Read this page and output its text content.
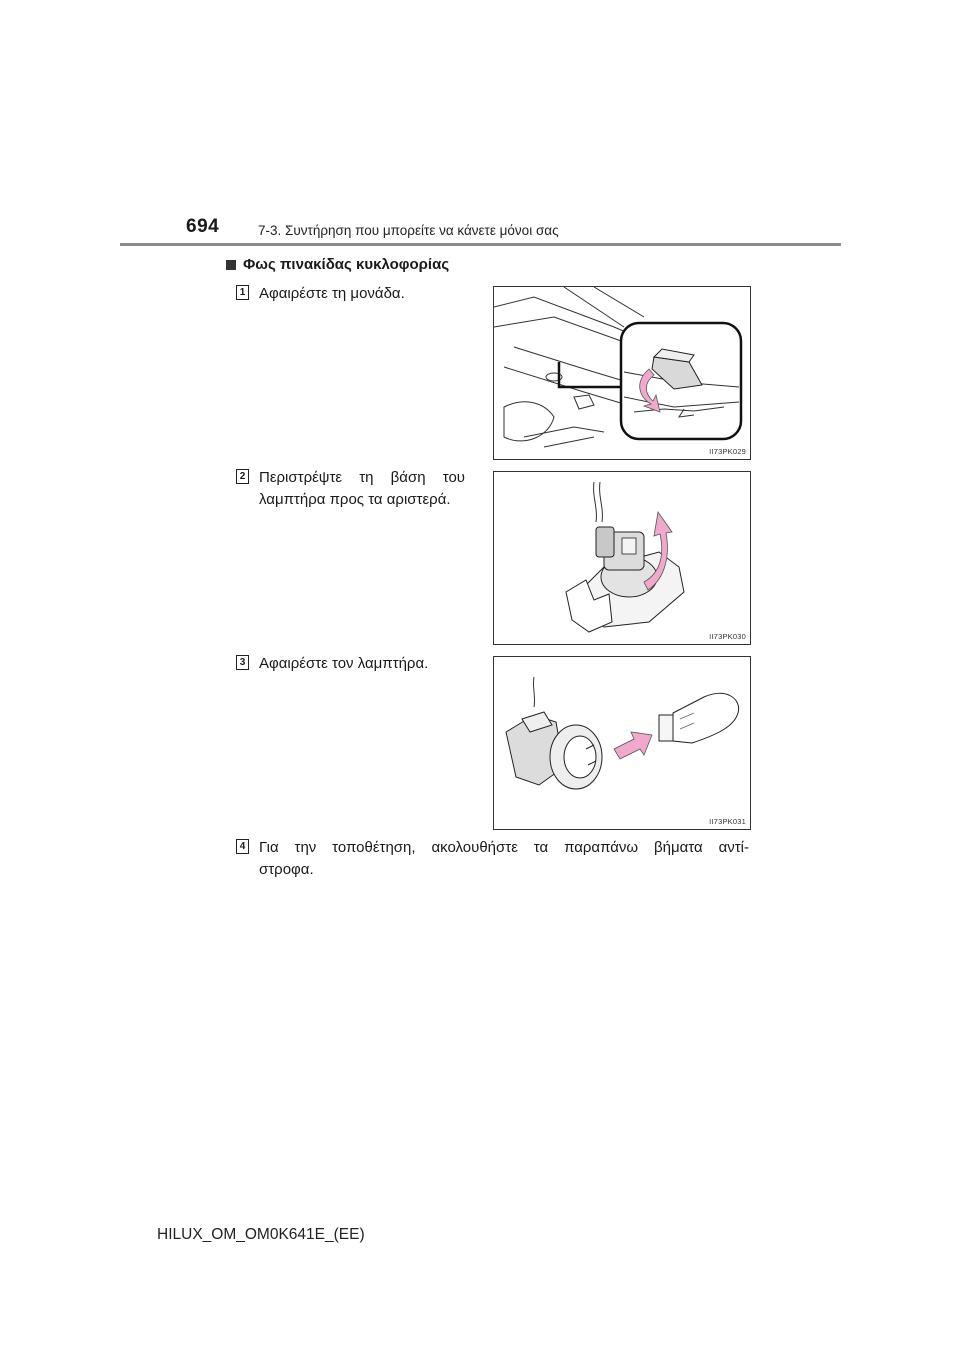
694	7-3. Συντήρηση που μπορείτε να κάνετε μόνοι σας
Φως πινακίδας κυκλοφορίας
1 Αφαιρέστε τη μονάδα.
II73PK029
2 Περιστρέψτε τη βάση του
λαμπτήρα προς τα αριστερά.
II73PK030
3 Αφαιρέστε τον λαμπτήρα.
II73PK031
4 Για την τοποθέτηση, ακολουθήστε τα παραπάνω βήματα αντί-
στροφα.
HILUX_OM_OM0K641E_(EE)
